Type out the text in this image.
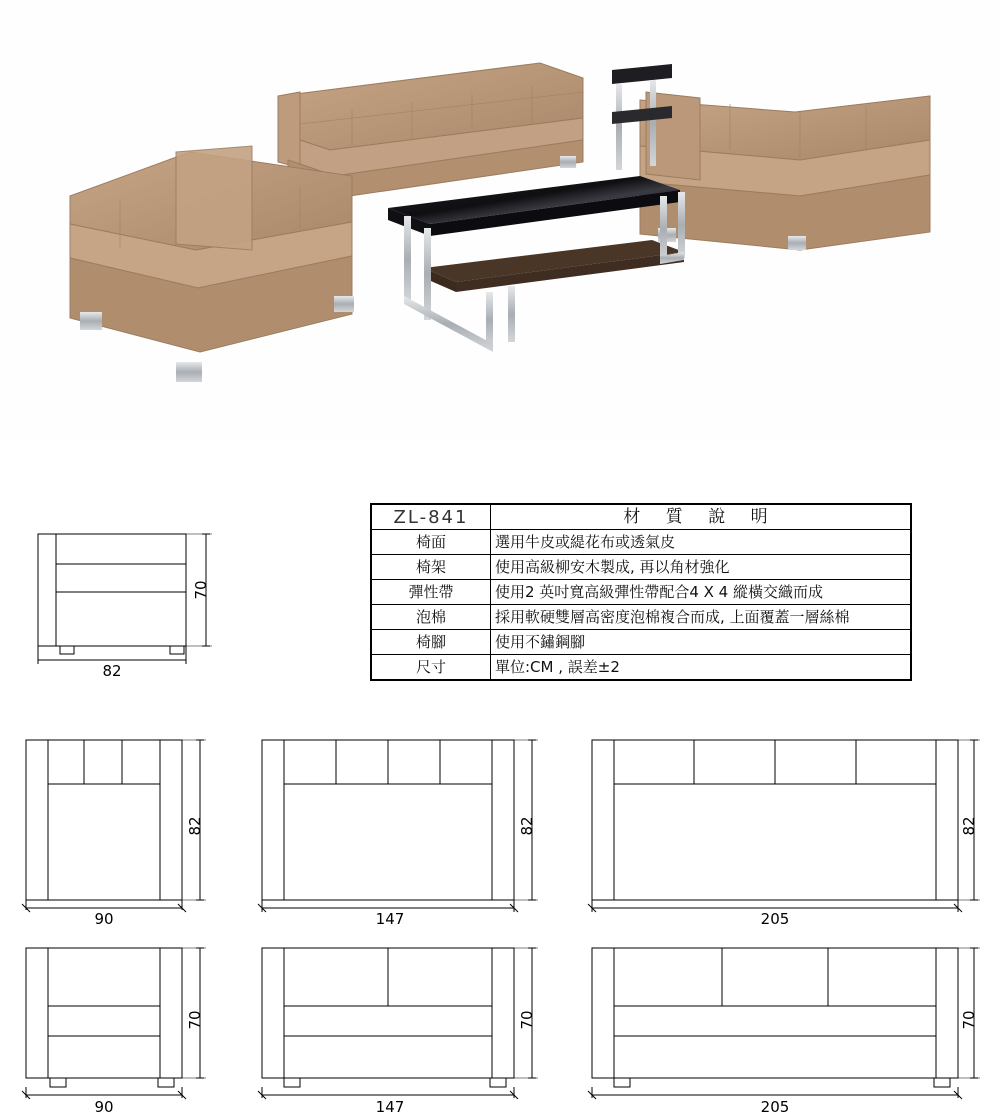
ZL-841	材 質 說 明
椅面	選用牛皮或緹花布或透氣皮
椅架	使用高級柳安木製成, 再以角材強化
彈性帶	使用2 英吋寬高級彈性帶配合4 X 4 縱橫交織而成
泡棉	採用軟硬雙層高密度泡棉複合而成, 上面覆蓋一層絲棉
椅腳	使用不鏽鋼腳
尺寸	單位:CM , 誤差±2
82
70
90
82
147
82
205
82
90
70
147
70
205
70
